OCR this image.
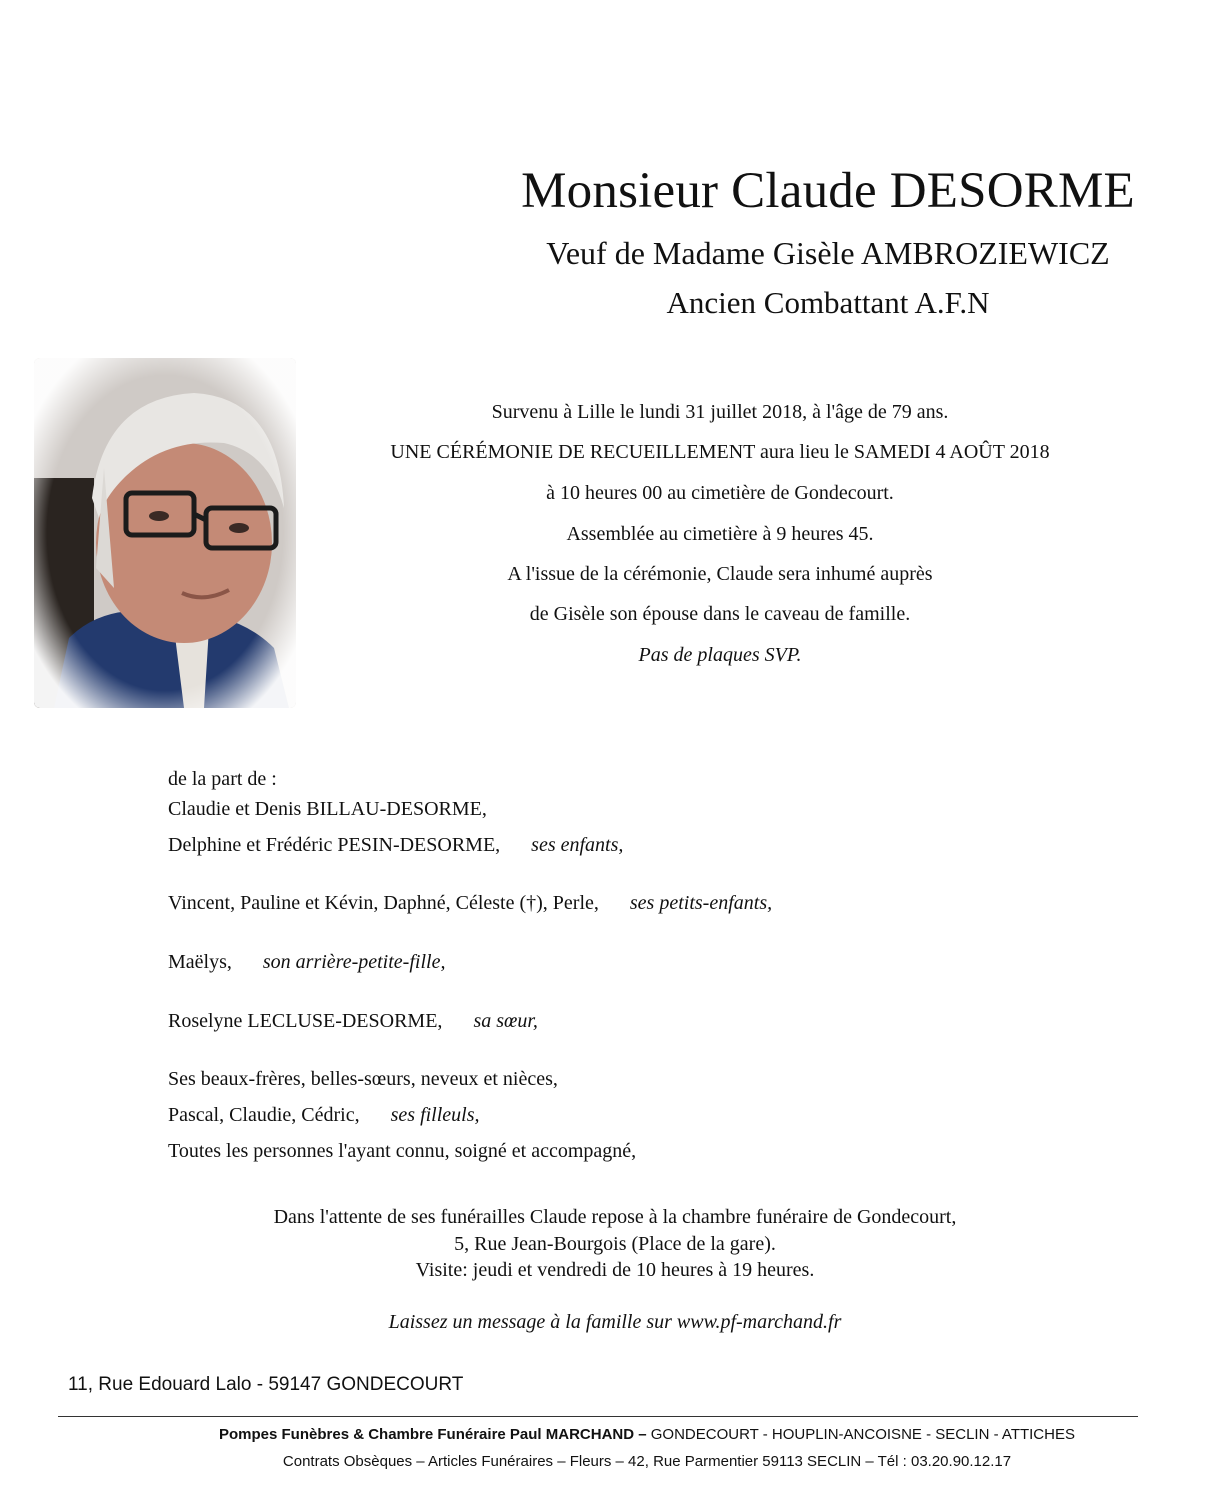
Monsieur Claude DESORME
Veuf de Madame Gisèle AMBROZIEWICZ
Ancien Combattant A.F.N

Survenu à Lille le lundi 31 juillet 2018, à l'âge de 79 ans.

UNE CÉRÉMONIE DE RECUEILLEMENT aura lieu le SAMEDI 4 AOÛT 2018

à 10 heures 00 au cimetière de Gondecourt.

Assemblée au cimetière à 9 heures 45.

A l'issue de la cérémonie, Claude sera inhumé auprès

de Gisèle son épouse dans le caveau de famille.

Pas de plaques SVP.

de la part de :
Claudie et Denis BILLAU-DESORME,
Delphine et Frédéric PESIN-DESORME, ses enfants,
Vincent, Pauline et Kévin, Daphné, Céleste (†), Perle, ses petits-enfants,
Maëlys, son arrière-petite-fille,
Roselyne LECLUSE-DESORME, sa sœur,
Ses beaux-frères, belles-sœurs, neveux et nièces,
Pascal, Claudie, Cédric, ses filleuls,
Toutes les personnes l'ayant connu, soigné et accompagné,
Dans l'attente de ses funérailles Claude repose à la chambre funéraire de Gondecourt,
5, Rue Jean-Bourgois (Place de la gare).
Visite: jeudi et vendredi de 10 heures à 19 heures.
Laissez un message à la famille sur www.pf-marchand.fr
11, Rue Edouard Lalo - 59147 GONDECOURT
Pompes Funèbres & Chambre Funéraire Paul MARCHAND – GONDECOURT - HOUPLIN-ANCOISNE - SECLIN - ATTICHES
Contrats Obsèques – Articles Funéraires – Fleurs – 42, Rue Parmentier 59113 SECLIN – Tél : 03.20.90.12.17
